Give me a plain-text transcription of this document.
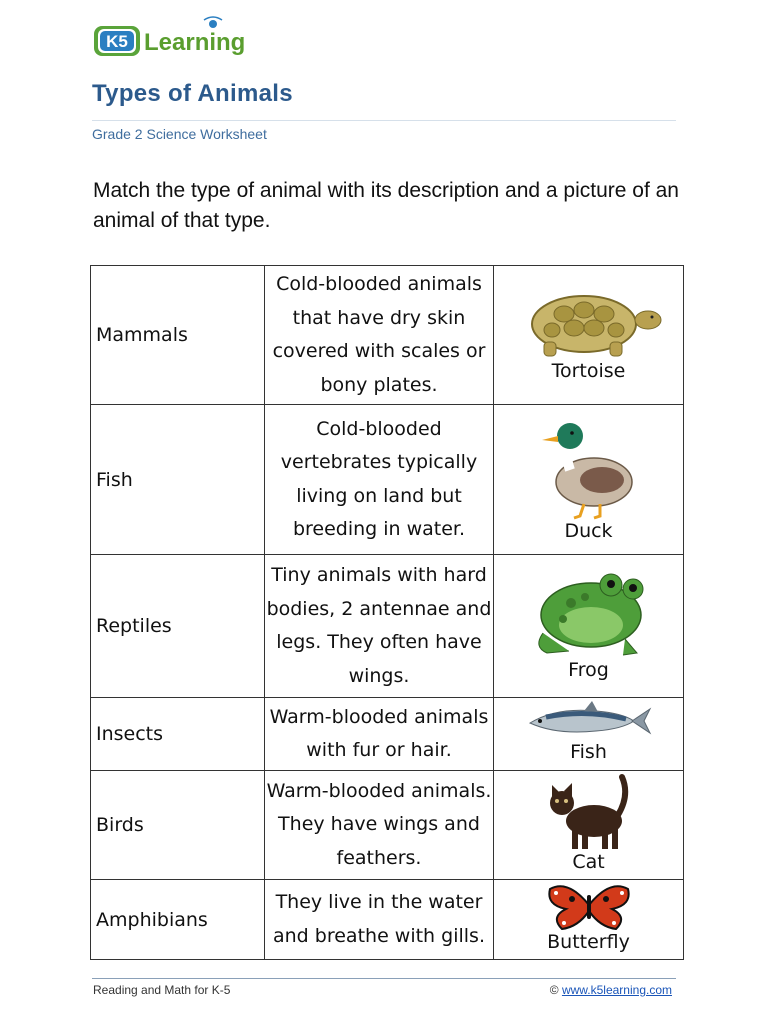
K5 Learning
Types of Animals
Grade 2 Science Worksheet
Match the type of animal with its description and a picture of an animal of that type.
Mammals	Cold-blooded animals that have dry skin covered with scales or bony plates.	Tortoise

Fish	Cold-blooded vertebrates typically living on land but breeding in water.	Duck

Reptiles	Tiny animals with hard bodies, 2 antennae and legs. They often have wings.	Frog

Insects	Warm-blooded animals with fur or hair.	Fish

Birds	Warm-blooded animals. They have wings and feathers.	Cat

Amphibians	They live in the water and breathe with gills.	Butterfly
Reading and Math for K-5	© www.k5learning.com
